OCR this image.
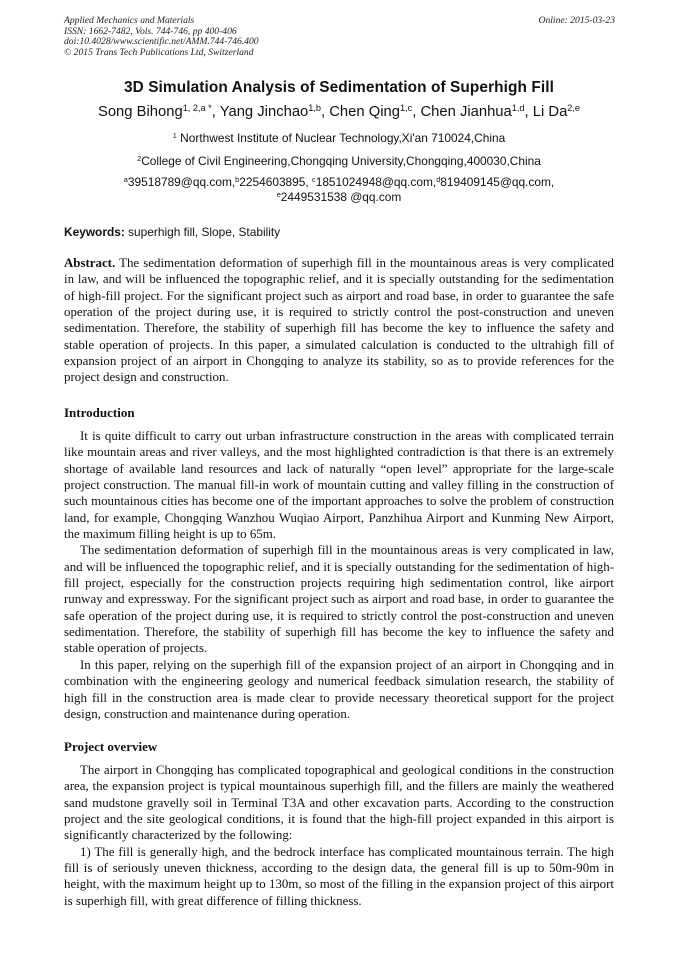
Applied Mechanics and Materials
ISSN: 1662-7482, Vols. 744-746, pp 400-406
doi:10.4028/www.scientific.net/AMM.744-746.400
© 2015 Trans Tech Publications Ltd, Switzerland
Online: 2015-03-23
3D Simulation Analysis of Sedimentation of Superhigh Fill
Song Bihong$^{1, 2,a *}$, Yang Jinchao$^{1,b}$, Chen Qing$^{1,c}$, Chen Jianhua$^{1,d}$, Li Da$^{2,e}$
$^1$ Northwest Institute of Nuclear Technology,Xi'an 710024,China
$^2$College of Civil Engineering,Chongqing University,Chongqing,400030,China
$^a$39518789@qq.com,$^b$2254603895, $^c$1851024948@qq.com,$^d$819409145@qq.com,
$^e$2449531538 @qq.com
Keywords: superhigh fill, Slope, Stability

Abstract. The sedimentation deformation of superhigh fill in the mountainous areas is very complicated in law, and will be influenced the topographic relief, and it is specially outstanding for the sedimentation of high-fill project. For the significant project such as airport and road base, in order to guarantee the safe operation of the project during use, it is required to strictly control the post-construction and uneven sedimentation. Therefore, the stability of superhigh fill has become the key to influence the safety and stable operation of projects. In this paper, a simulated calculation is conducted to the ultrahigh fill of expansion project of an airport in Chongqing to analyze its stability, so as to provide references for the project design and construction.

Introduction

It is quite difficult to carry out urban infrastructure construction in the areas with complicated terrain like mountain areas and river valleys, and the most highlighted contradiction is that there is an extremely shortage of available land resources and lack of naturally “open level” appropriate for the large-scale project construction. The manual fill-in work of mountain cutting and valley filling in the construction of such mountainous cities has become one of the important approaches to solve the problem of construction land, for example, Chongqing Wanzhou Wuqiao Airport, Panzhihua Airport and Kunming New Airport, the maximum filling height is up to 65m.

The sedimentation deformation of superhigh fill in the mountainous areas is very complicated in law, and will be influenced the topographic relief, and it is specially outstanding for the sedimentation of high-fill project, especially for the construction projects requiring high sedimentation control, like airport runway and expressway. For the significant project such as airport and road base, in order to guarantee the safe operation of the project during use, it is required to strictly control the post-construction and uneven sedimentation. Therefore, the stability of superhigh fill has become the key to influence the safety and stable operation of projects.

In this paper, relying on the superhigh fill of the expansion project of an airport in Chongqing and in combination with the engineering geology and numerical feedback simulation research, the stability of high fill in the construction area is made clear to provide necessary theoretical support for the project design, construction and maintenance during operation.

Project overview

The airport in Chongqing has complicated topographical and geological conditions in the construction area, the expansion project is typical mountainous superhigh fill, and the fillers are mainly the weathered sand mudstone gravelly soil in Terminal T3A and other excavation parts. According to the construction project and the site geological conditions, it is found that the high-fill project expanded in this airport is significantly characterized by the following:

1) The fill is generally high, and the bedrock interface has complicated mountainous terrain. The high fill is of seriously uneven thickness, according to the design data, the general fill is up to 50m-90m in height, with the maximum height up to 130m, so most of the filling in the expansion project of this airport is superhigh fill, with great difference of filling thickness.
